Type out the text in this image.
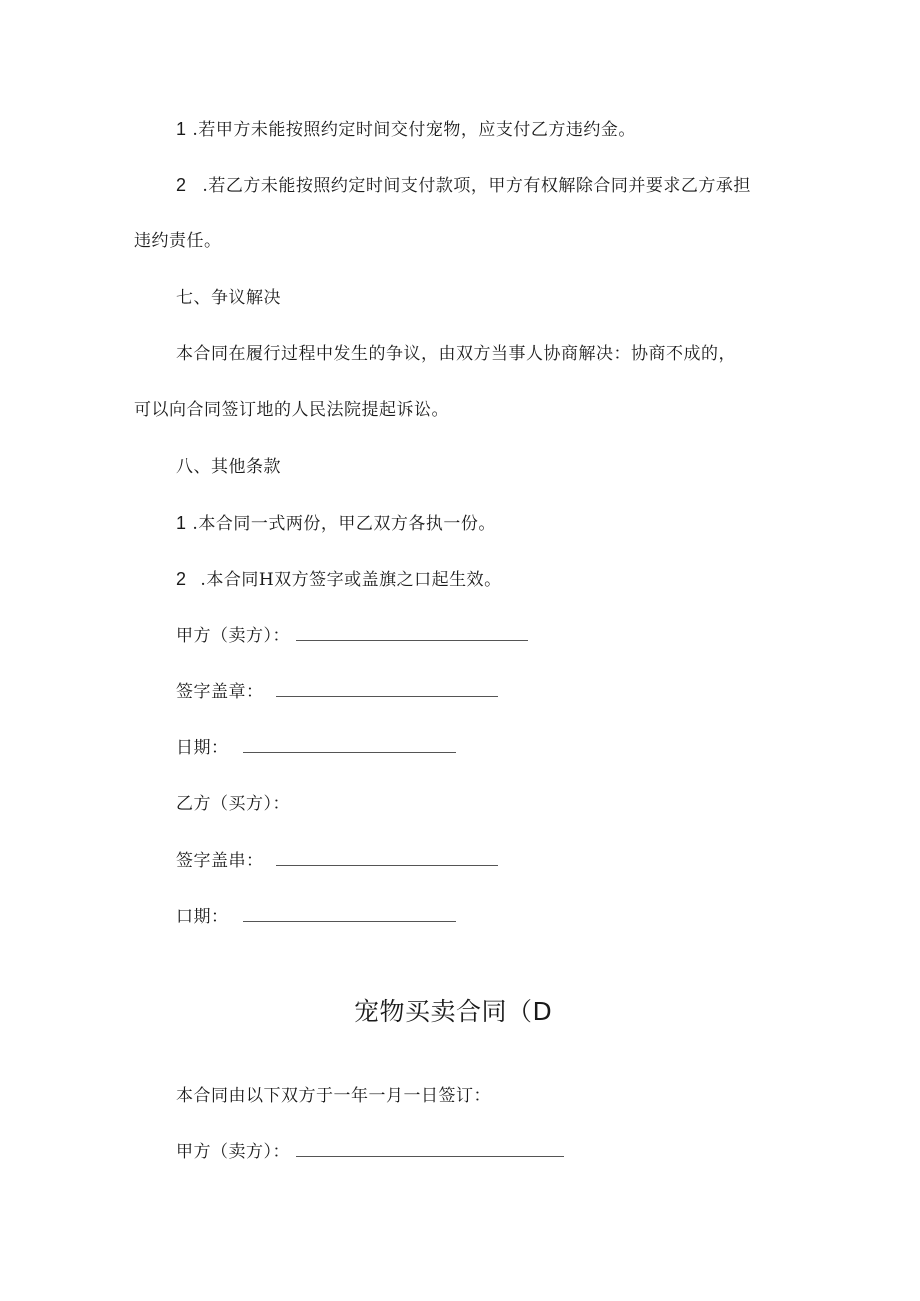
1 .若甲方未能按照约定时间交付宠物，应支付乙方违约金。
2 .若乙方未能按照约定时间支付款项，甲方有权解除合同并要求乙方承担
违约责任。
七、争议解决
本合同在履行过程中发生的争议，由双方当事人协商解决：协商不成的，
可以向合同签订地的人民法院提起诉讼。
八、其他条款
1 .本合同一式两份，甲乙双方各执一份。
2 .本合同H双方签字或盖旗之口起生效。
甲方（卖方）：
签字盖章：
日期：
乙方（买方）：
签字盖串：
口期：
宠物买卖合同（D
本合同由以下双方于一年一月一日签订：
甲方（卖方）：
